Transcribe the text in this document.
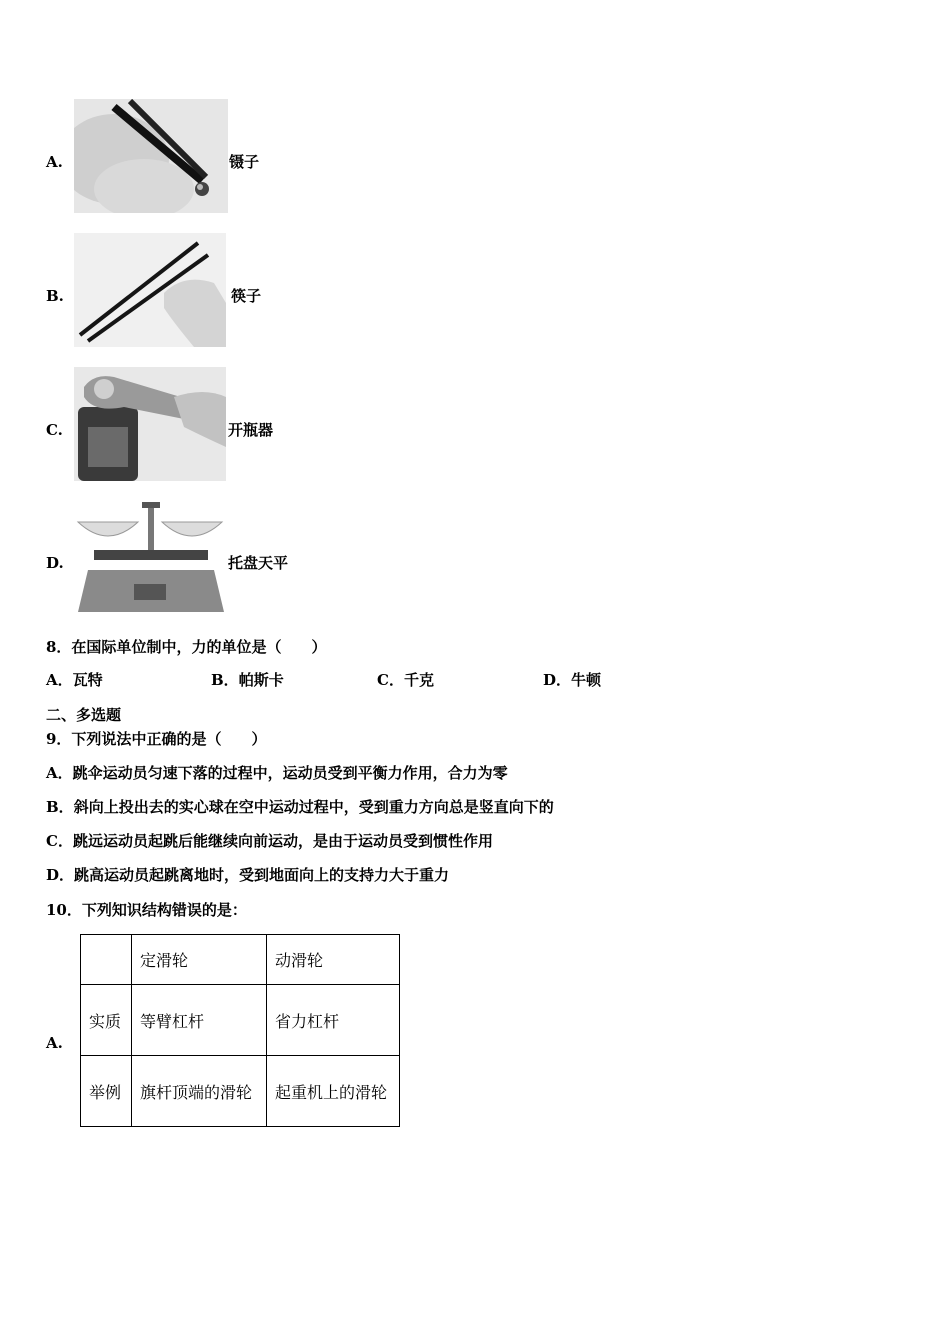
A.	镊子
B.	筷子
C.	开瓶器
D.	托盘天平
8．在国际单位制中，力的单位是（　　）
A．瓦特	B．帕斯卡	C．千克	D．牛顿
二、多选题
9．下列说法中正确的是（　　）
A．跳伞运动员匀速下落的过程中，运动员受到平衡力作用，合力为零
B．斜向上投出去的实心球在空中运动过程中，受到重力方向总是竖直向下的
C．跳远运动员起跳后能继续向前运动，是由于运动员受到惯性作用
D．跳高运动员起跳离地时，受到地面向上的支持力大于重力
10．下列知识结构错误的是：
A.
	定滑轮	动滑轮
实质	等臂杠杆	省力杠杆
举例	旗杆顶端的滑轮	起重机上的滑轮
